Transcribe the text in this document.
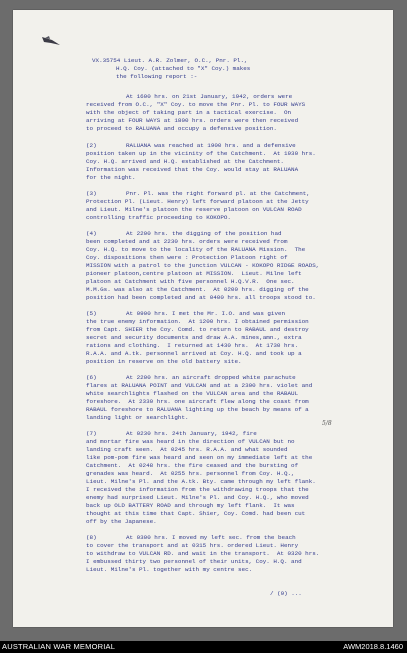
VX.35754 Lieut. A.R. Zolmer, O.C., Pnr. Pl.,
H.Q. Coy. (attached to "X" Coy.) makes
the following report :-
At 1600 hrs. on 21st January, 1942, orders were
received from O.C., "X" Coy. to move the Pnr. Pl. to FOUR WAYS
with the object of taking part in a tactical exercise.  On
arriving at FOUR WAYS at 1800 hrs. orders were then received
to proceed to RALUANA and occupy a defensive position.
(2)	RALUANA was reached at 1900 hrs. and a defensive
position taken up in the vicinity of the Catchment.  At 1930 hrs.
Coy. H.Q. arrived and H.Q. established at the Catchment.
Information was received that the Coy. would stay at RALUANA
for the night.
(3)	Pnr. Pl. was the right forward pl. at the Catchment,
Protection Pl. (Lieut. Henry) left forward platoon at the Jetty
and Lieut. Milne's platoon the reserve platoon on VULCAN ROAD
controlling traffic proceeding to KOKOPO.
(4)	At 2200 hrs. the digging of the position had
been completed and at 2230 hrs. orders were received from
Coy. H.Q. to move to the locality of the RALUANA Mission.  The
Coy. dispositions then were : Protection Platoon right of
MISSION with a patrol to the junction VULCAN - KOKOPO RIDGE ROADS,
pioneer platoon,centre platoon at MISSION.  Lieut. Milne left
platoon at Catchment with five personnel H.Q.V.R.  One sec.
M.M.Gs. was also at the Catchment.  At 0200 hrs. digging of the
position had been completed and at 0400 hrs. all troops stood to.
(5)	At 0900 hrs. I met the Mr. I.O. and was given
the true enemy information.  At 1200 hrs. I obtained permission
from Capt. SHIER the Coy. Comd. to return to RABAUL and destroy
secret and security documents and draw A.A. mines,amn., extra
rations and clothing.  I returned at 1430 hrs.  At 1730 hrs.
R.A.A. and A.tk. personnel arrived at Coy. H.Q. and took up a
position in reserve on the old battery site.
(6)	At 2200 hrs. an aircraft dropped white parachute
flares at RALUANA POINT and VULCAN and at a 2300 hrs. violet and
white searchlights flashed on the VULCAN area and the RABAUL
foreshore.  At 2330 hrs. one aircraft flew along the coast from
RABAUL foreshore to RALUANA lighting up the beach by means of a
landing light or searchlight.
(7)	At 0230 hrs. 24th January, 1942, fire
and mortar fire was heard in the direction of VULCAN but no
landing craft seen.  At 0245 hrs. R.A.A. and what sounded
like pom-pom fire was heard and seen on my immediate left at the
Catchment.  At 0248 hrs. the fire ceased and the bursting of
grenades was heard.  At 0255 hrs. personnel from Coy. H.Q.,
Lieut. Milne's Pl. and the A.tk. Bty. came through my left flank.
I received the information from the withdrawing troops that the
enemy had surprised Lieut. Milne's Pl. and Coy. H.Q., who moved
back up OLD BATTERY ROAD and through my left flank.  It was
thought at this time that Capt. Shier, Coy. Comd. had been cut
off by the Japanese.
(8)	At 0300 hrs. I moved my left sec. from the beach
to cover the transport and at 0315 hrs. ordered Lieut. Henry
to withdraw to VULCAN RD. and wait in the transport.  At 0320 hrs.
I embussed thirty two personnel of their units, Coy. H.Q. and
Lieut. Milne's Pl. together with my centre sec.
/ (9) ...
5/8
AUSTRALIAN WAR MEMORIAL	AWM2018.8.1460
